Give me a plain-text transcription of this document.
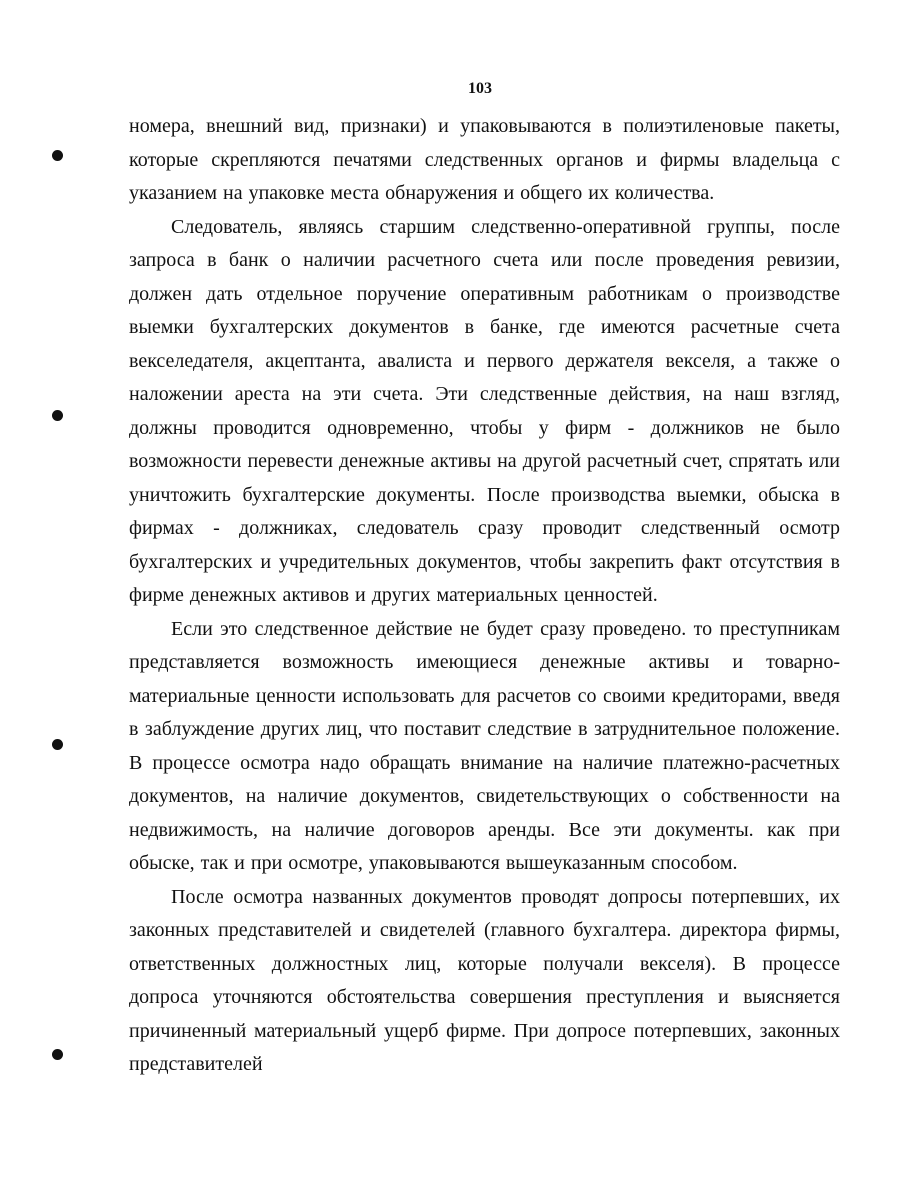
103

номера, внешний вид, признаки) и упаковываются в полиэтиленовые пакеты, которые скрепляются печатями следственных органов и фирмы владельца с указанием на упаковке места обнаружения и общего их количества.

Следователь, являясь старшим следственно-оперативной группы, после запроса в банк о наличии расчетного счета или после проведения ревизии, должен дать отдельное поручение оперативным работникам о производстве выемки бухгалтерских документов в банке, где имеются расчетные счета векселедателя, акцептанта, авалиста и первого держателя векселя, а также о наложении ареста на эти счета. Эти следственные действия, на наш взгляд, должны проводится одновременно, чтобы у фирм - должников не было возможности перевести денежные активы на другой расчетный счет, спрятать или уничтожить бухгалтерские документы. После производства выемки, обыска в фирмах - должниках, следователь сразу проводит следственный осмотр бухгалтерских и учредительных документов, чтобы закрепить факт отсутствия в фирме денежных активов и других материальных ценностей.

Если это следственное действие не будет сразу проведено. то преступникам представляется возможность имеющиеся денежные активы и товарно-материальные ценности использовать для расчетов со своими кредиторами, введя в заблуждение других лиц, что поставит следствие в затруднительное положение. В процессе осмотра надо обращать внимание на наличие платежно-расчетных документов, на наличие документов, свидетельствующих о собственности на недвижимость, на наличие договоров аренды. Все эти документы. как при обыске, так и при осмотре, упаковываются вышеуказанным способом.

После осмотра названных документов проводят допросы потерпевших, их законных представителей и свидетелей (главного бухгалтера. директора фирмы, ответственных должностных лиц, которые получали векселя). В процессе допроса уточняются обстоятельства совершения преступления и выясняется причиненный материальный ущерб фирме. При допросе потерпевших, законных представителей
